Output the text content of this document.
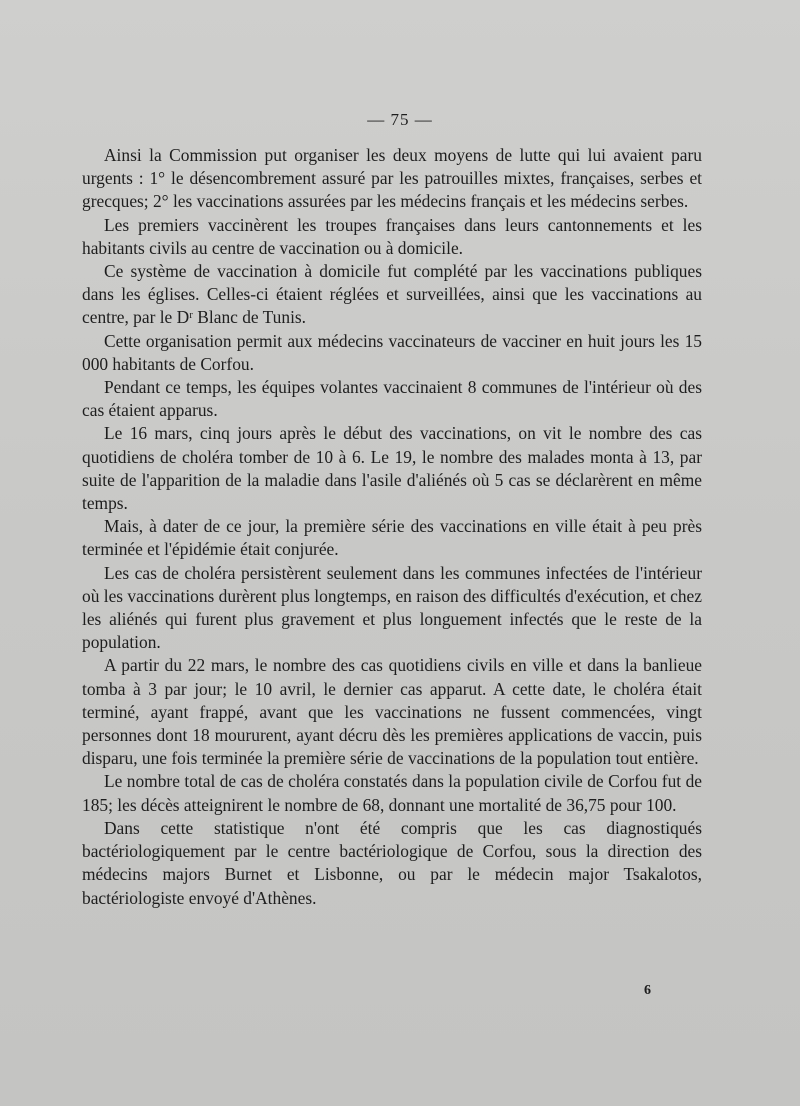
— 75 —

Ainsi la Commission put organiser les deux moyens de lutte qui lui avaient paru urgents : 1° le désencombrement assuré par les patrouilles mixtes, françaises, serbes et grecques; 2° les vaccinations assurées par les médecins français et les médecins serbes.

Les premiers vaccinèrent les troupes françaises dans leurs cantonnements et les habitants civils au centre de vaccination ou à domicile.

Ce système de vaccination à domicile fut complété par les vaccinations publiques dans les églises. Celles-ci étaient réglées et surveillées, ainsi que les vaccinations au centre, par le Dʳ Blanc de Tunis.

Cette organisation permit aux médecins vaccinateurs de vacciner en huit jours les 15 000 habitants de Corfou.

Pendant ce temps, les équipes volantes vaccinaient 8 communes de l'intérieur où des cas étaient apparus.

Le 16 mars, cinq jours après le début des vaccinations, on vit le nombre des cas quotidiens de choléra tomber de 10 à 6. Le 19, le nombre des malades monta à 13, par suite de l'apparition de la maladie dans l'asile d'aliénés où 5 cas se déclarèrent en même temps.

Mais, à dater de ce jour, la première série des vaccinations en ville était à peu près terminée et l'épidémie était conjurée.

Les cas de choléra persistèrent seulement dans les communes infectées de l'intérieur où les vaccinations durèrent plus longtemps, en raison des difficultés d'exécution, et chez les aliénés qui furent plus gravement et plus longuement infectés que le reste de la population.

A partir du 22 mars, le nombre des cas quotidiens civils en ville et dans la banlieue tomba à 3 par jour; le 10 avril, le dernier cas apparut. A cette date, le choléra était terminé, ayant frappé, avant que les vaccinations ne fussent commencées, vingt personnes dont 18 moururent, ayant décru dès les premières applications de vaccin, puis disparu, une fois terminée la première série de vaccinations de la population tout entière.

Le nombre total de cas de choléra constatés dans la population civile de Corfou fut de 185; les décès atteignirent le nombre de 68, donnant une mortalité de 36,75 pour 100.

Dans cette statistique n'ont été compris que les cas diagnostiqués bactériologiquement par le centre bactériologique de Corfou, sous la direction des médecins majors Burnet et Lisbonne, ou par le médecin major Tsakalotos, bactériologiste envoyé d'Athènes.

6
